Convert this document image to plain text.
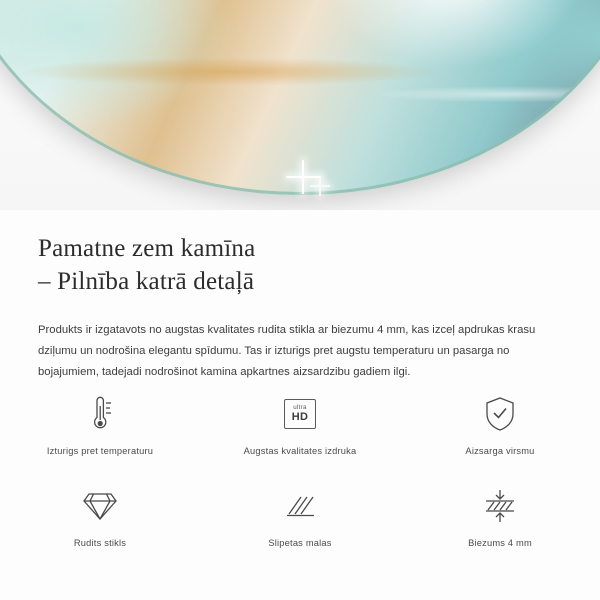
Pamatne zem kamīna
– Pilnība katrā detaļā

Produkts ir izgatavots no augstas kvalitates rudita stikla ar biezumu 4 mm, kas izceļ apdrukas krasu dziļumu un nodrošina elegantu spīdumu. Tas ir izturigs pret augstu temperaturu un pasarga no bojajumiem, tadejadi nodrošinot kamina apkartnes aizsardzibu gadiem ilgi.

Izturigs pret temperaturu
ultra
HD
Augstas kvalitates izdruka	Aizsarga virsmu
Rudits stikls	Slipetas malas	Biezums 4 mm
